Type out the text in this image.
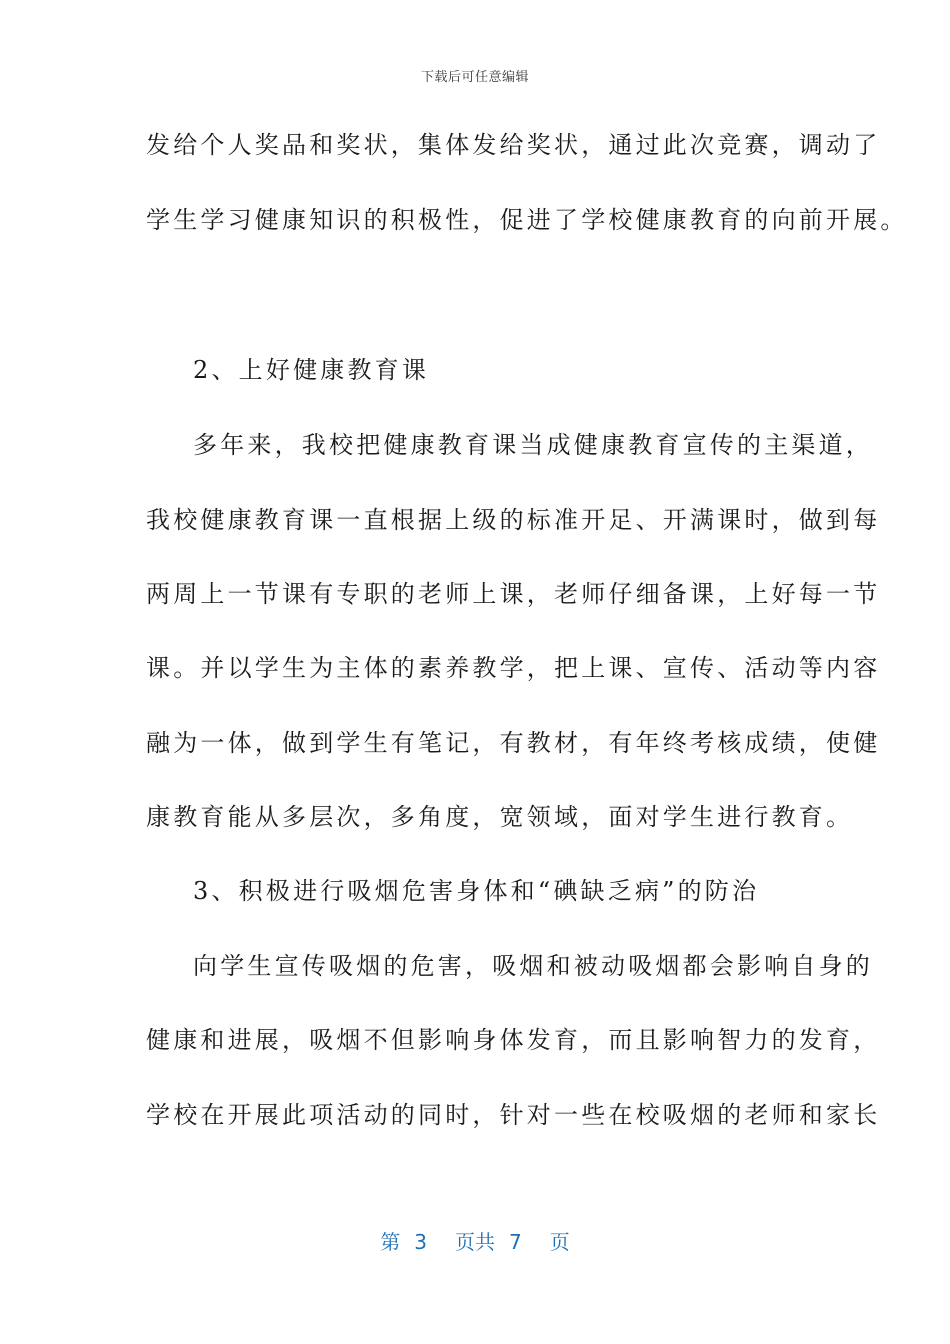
下载后可任意编辑
发给个人奖品和奖状，集体发给奖状，通过此次竞赛，调动了
学生学习健康知识的积极性，促进了学校健康教育的向前开展。
2、上好健康教育课
多年来，我校把健康教育课当成健康教育宣传的主渠道，
我校健康教育课一直根据上级的标准开足、开满课时，做到每
两周上一节课有专职的老师上课，老师仔细备课，上好每一节
课。并以学生为主体的素养教学，把上课、宣传、活动等内容
融为一体，做到学生有笔记，有教材，有年终考核成绩，使健
康教育能从多层次，多角度，宽领域，面对学生进行教育。
3、积极进行吸烟危害身体和“碘缺乏病”的防治
向学生宣传吸烟的危害，吸烟和被动吸烟都会影响自身的
健康和进展，吸烟不但影响身体发育，而且影响智力的发育，
学校在开展此项活动的同时，针对一些在校吸烟的老师和家长
第 3 页共 7 页
